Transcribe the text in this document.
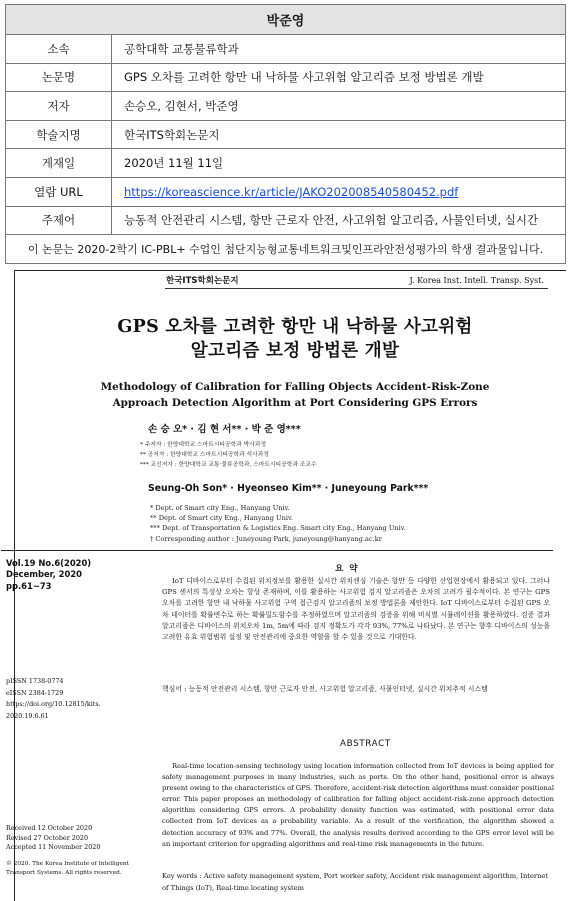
박준영	
소속	공학대학 교통물류학과
논문명	GPS 오차를 고려한 항만 내 낙하물 사고위험 알고리즘 보정 방법론 개발
저자	손승오, 김현서, 박준영
학술지명	한국ITS학회논문지
게재일	2020년 11월 11일
열람 URL	https://koreascience.kr/article/JAKO202008540580452.pdf
주제어	능동적 안전관리 시스템, 항만 근로자 안전, 사고위험 알고리즘, 사물인터넷, 실시간
이 논문는 2020-2학기 IC-PBL+ 수업인 첨단지능형교통네트워크및인프라안전성평가의 학생 결과물입니다.	
한국ITS학회논문지	J. Korea Inst. Intell. Transp. Syst.
GPS 오차를 고려한 항만 내 낙하물 사고위험
알고리즘 보정 방법론 개발
Methodology of Calibration for Falling Objects Accident-Risk-Zone
Approach Detection Algorithm at Port Considering GPS Errors
손 승 오* · 김 현 서** · 박 준 영***
* 주저자 : 한양대학교 스마트시티공학과 박사과정
** 공저자 : 한양대학교 스마트시티공학과 석사과정
*** 교신저자 : 한양대학교 교통·물류공학과, 스마트시티공학과 조교수
Seung-Oh Son* · Hyeonseo Kim** · Juneyoung Park***
* Dept. of Smart city Eng., Hanyang Univ.
** Dept. of Smart city Eng., Hanyang Univ.
*** Dept. of Transportation & Logistics Eng. Smart city Eng., Hanyang Univ.
† Corresponding author : Juneyoung Park, juneyoung@hanyang.ac.kr
Vol.19 No.6(2020)
December, 2020
pp.61~73
pISSN 1738-0774
eISSN 2384-1729
https://doi.org/10.12815/kits.
2020.19.6.61
Received 12 October 2020
Revised 27 October 2020
Accepted 11 November 2020
© 2020. The Korea Institute of Intelligent Transport Systems. All rights reserved.
요약
IoT 디바이스로부터 수집된 위치정보를 활용한 실시간 위치센싱 기술은 항만 등 다양한 산업현장에서 활용되고 있다. 그러나 GPS 센서의 특성상 오차는 항상 존재하며, 이를 활용하는 사고위험 검지 알고리즘은 오차의 고려가 필수적이다. 본 연구는 GPS 오차를 고려한 항만 내 낙하물 사고위험 구역 접근검지 알고리즘의 보정 방법론을 제안한다. IoT 디바이스로부터 수집된 GPS 오차 데이터를 확률변수로 하는 확률밀도함수를 추정하였으며 알고리즘의 검증을 위해 비식별 시뮬레이션을 활용하였다. 검증 결과 알고리즘은 디바이스의 위치오차 1m, 5m에 따라 검지 정확도가 각각 93%, 77%로 나타났다. 본 연구는 향후 디바이스의 성능을 고려한 유효 위험범위 설정 및 안전관리에 중요한 역할을 할 수 있을 것으로 기대한다.
핵심어 : 능동적 안전관리 시스템, 항만 근로자 안전, 사고위험 알고리즘, 사물인터넷, 실시간 위치추적 시스템
ABSTRACT
Real-time location-sensing technology using location information collected from IoT devices is being applied for safety management purposes in many industries, such as ports. On the other hand, positional error is always present owing to the characteristics of GPS. Therefore, accident-risk detection algorithms must consider positional error. This paper proposes an methodology of calibration for falling object accident-risk-zone approach detection algorithm considering GPS errors. A probability density function was estimated, with positional error data collected from IoT devices as a probability variable. As a result of the verification, the algorithm showed a detection accuracy of 93% and 77%. Overall, the analysis results derived according to the GPS error level will be an important criterion for upgrading algorithms and real-time risk managements in the future.
Key words : Active safety management system, Port worker safety, Accident risk management algorithm, Internet of Things (IoT), Real-time locating system
